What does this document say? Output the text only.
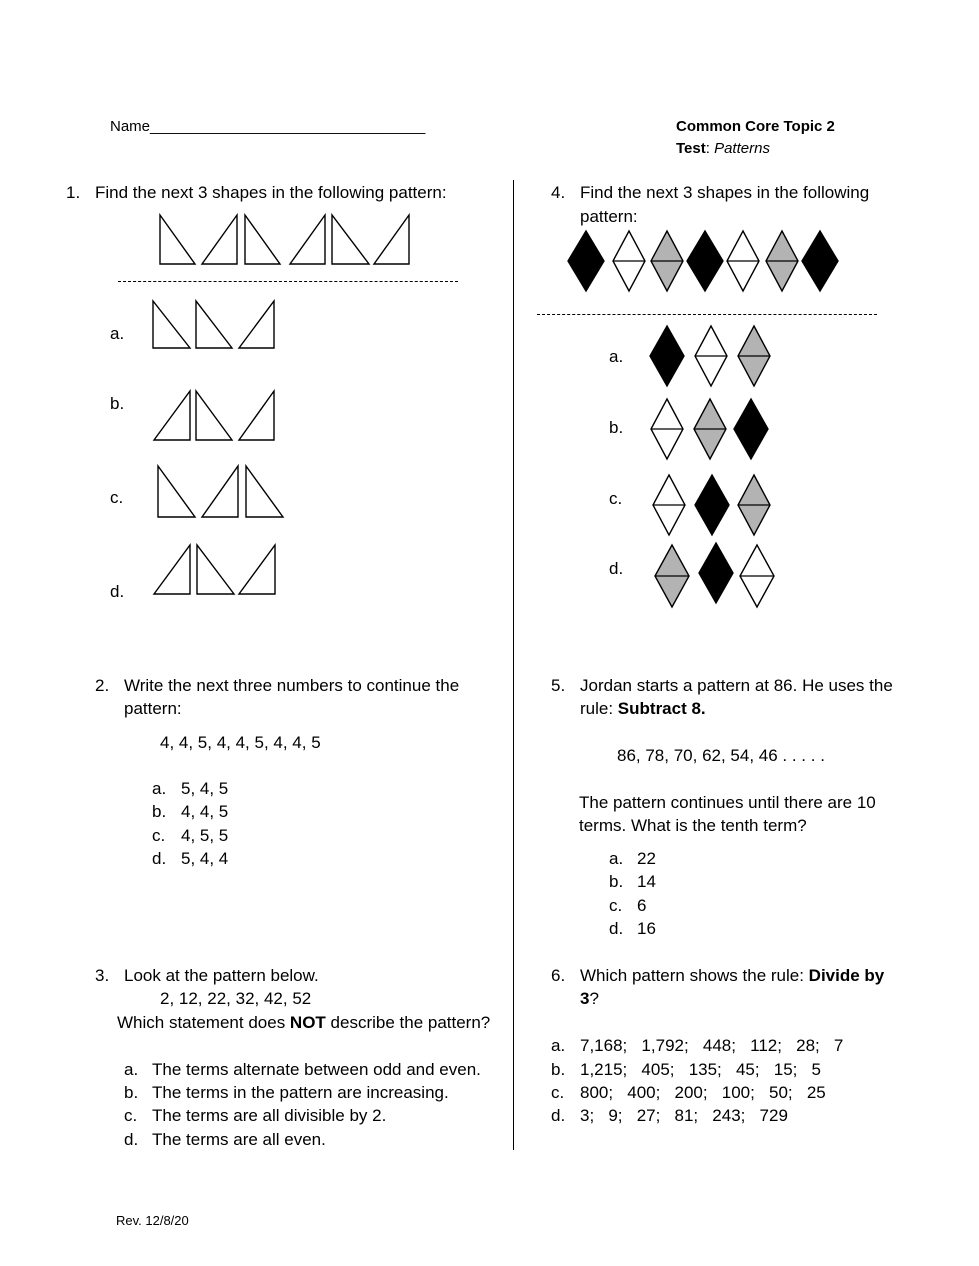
Name_________________________________	Common Core Topic 2
Test: Patterns
1. Find the next 3 shapes in the following pattern:
a.
b.
c.
d.
2. Write the next three numbers to continue the
pattern:
4, 4, 5, 4, 4, 5, 4, 4, 5
a. 5, 4, 5
b. 4, 4, 5
c. 4, 5, 5
d. 5, 4, 4
3. Look at the pattern below.
2, 12, 22, 32, 42, 52
Which statement does NOT describe the pattern?
a. The terms alternate between odd and even.
b. The terms in the pattern are increasing.
c. The terms are all divisible by 2.
d. The terms are all even.
4. Find the next 3 shapes in the following
pattern:
a.
b.
c.
d.
5. Jordan starts a pattern at 86. He uses the
rule: Subtract 8.
86, 78, 70, 62, 54, 46 . . . . .
The pattern continues until there are 10
terms. What is the tenth term?
a. 22
b. 14
c. 6
d. 16
6. Which pattern shows the rule: Divide by
3?
a. 7,168;   1,792;   448;   112;   28;   7
b. 1,215;   405;   135;   45;   15;   5
c. 800;   400;   200;   100;   50;   25
d. 3;   9;   27;   81;   243;   729
Rev. 12/8/20
